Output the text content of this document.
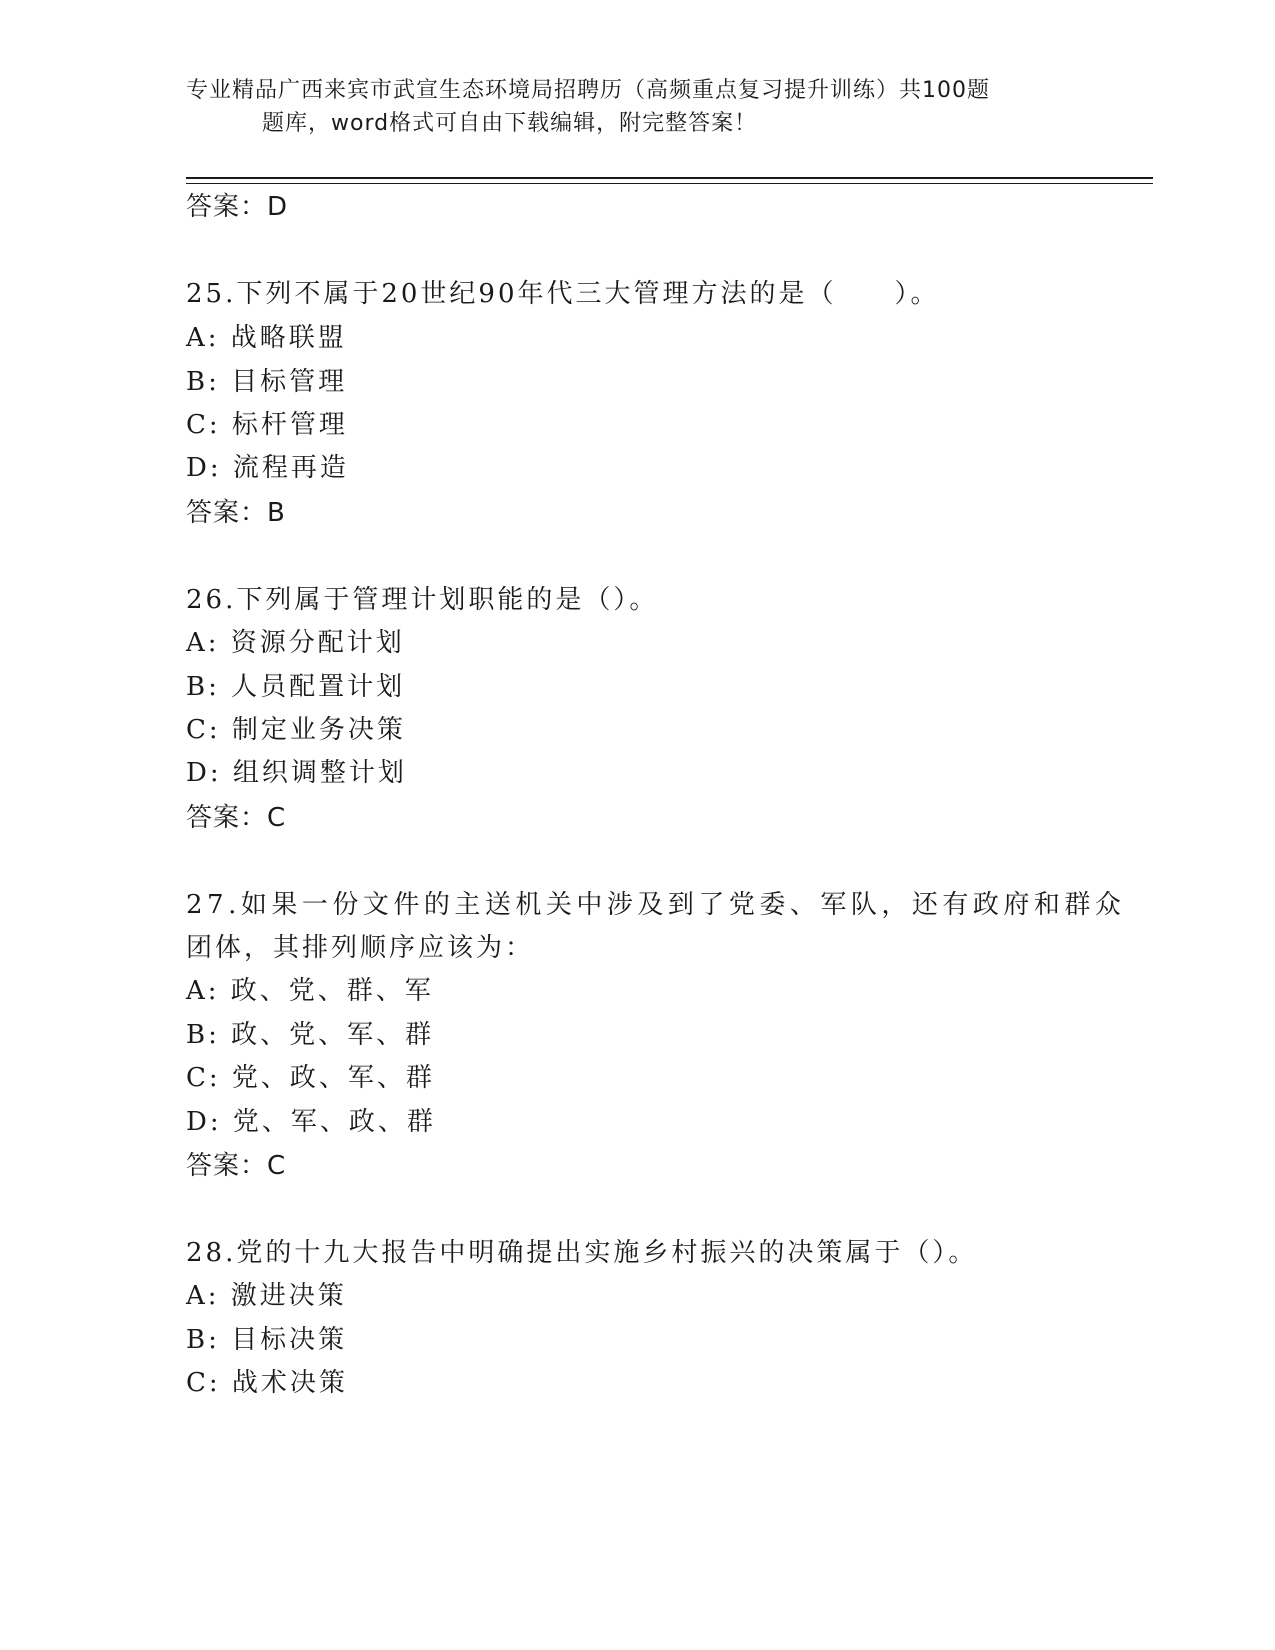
专业精品广西来宾市武宣生态环境局招聘历（高频重点复习提升训练）共100题
题库，word格式可自由下载编辑，附完整答案！
答案：D
25.下列不属于20世纪90年代三大管理方法的是（　　）。
A: 战略联盟
B: 目标管理
C: 标杆管理
D: 流程再造
答案：B
26.下列属于管理计划职能的是（）。
A: 资源分配计划
B: 人员配置计划
C: 制定业务决策
D: 组织调整计划
答案：C
27.如果一份文件的主送机关中涉及到了党委、军队，还有政府和群众
团体，其排列顺序应该为：
A: 政、党、群、军
B: 政、党、军、群
C: 党、政、军、群
D: 党、军、政、群
答案：C
28.党的十九大报告中明确提出实施乡村振兴的决策属于（）。
A: 激进决策
B: 目标决策
C: 战术决策
